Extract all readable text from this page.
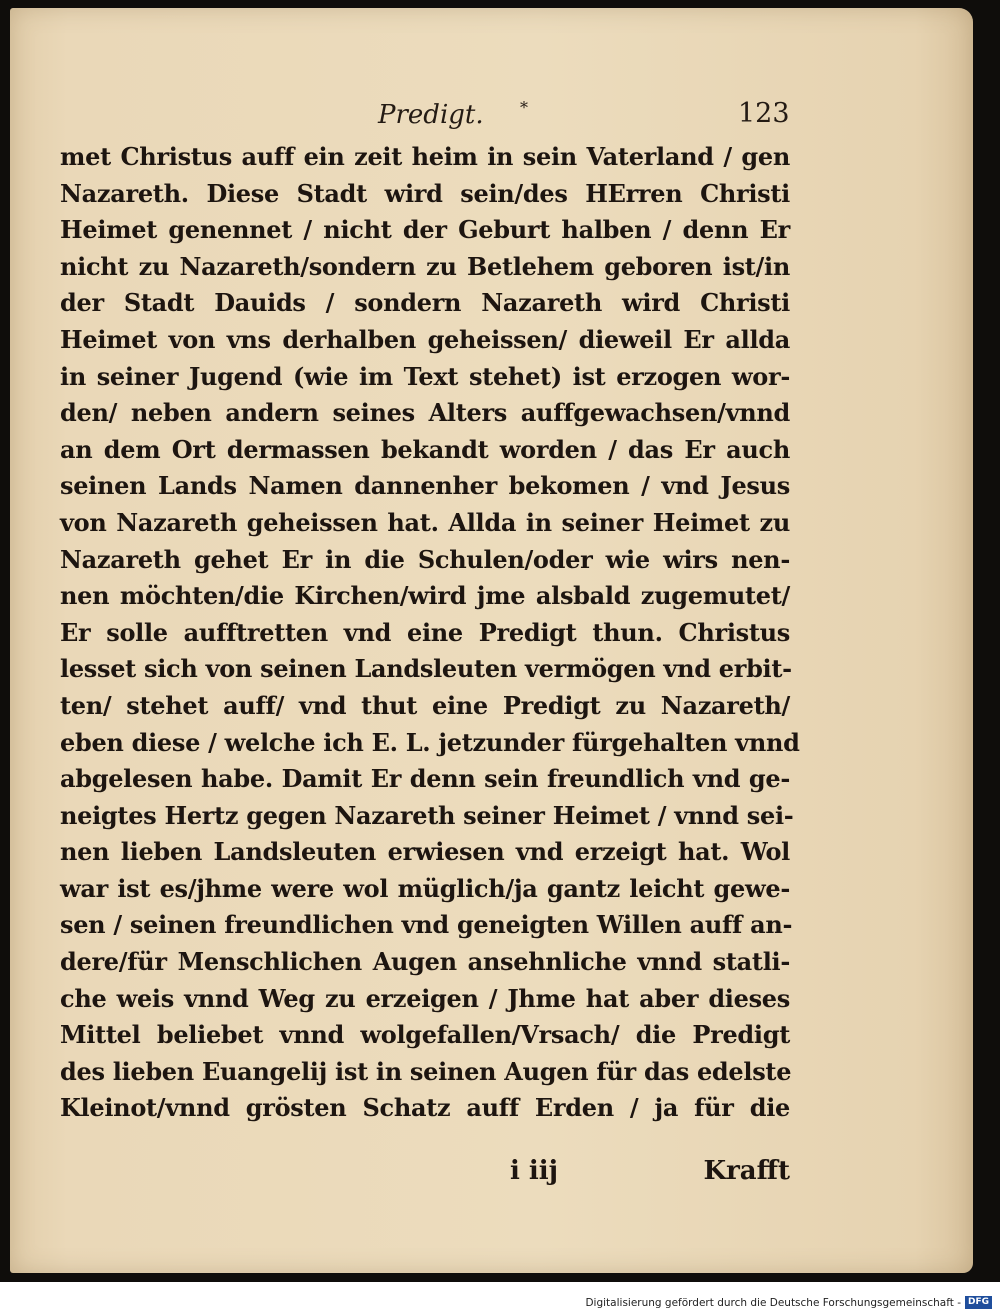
Predigt. *	123
met Christus auff ein zeit heim in sein Vaterland / gen
Nazareth. Diese Stadt wird sein/des HErren Christi
Heimet genennet / nicht der Geburt halben / denn Er
nicht zu Nazareth/sondern zu Betlehem geboren ist/in
der Stadt Dauids / sondern Nazareth wird Christi
Heimet von vns derhalben geheissen/ dieweil Er allda
in seiner Jugend (wie im Text stehet) ist erzogen wor-
den/ neben andern seines Alters auffgewachsen/vnnd
an dem Ort dermassen bekandt worden / das Er auch
seinen Lands Namen dannenher bekomen / vnd Jesus
von Nazareth geheissen hat. Allda in seiner Heimet zu
Nazareth gehet Er in die Schulen/oder wie wirs nen-
nen möchten/die Kirchen/wird jme alsbald zugemutet/
Er solle aufftretten vnd eine Predigt thun. Christus
lesset sich von seinen Landsleuten vermögen vnd erbit-
ten/ stehet auff/ vnd thut eine Predigt zu Nazareth/
eben diese / welche ich E. L. jetzunder fürgehalten vnnd
abgelesen habe. Damit Er denn sein freundlich vnd ge-
neigtes Hertz gegen Nazareth seiner Heimet / vnnd sei-
nen lieben Landsleuten erwiesen vnd erzeigt hat. Wol
war ist es/jhme were wol müglich/ja gantz leicht gewe-
sen / seinen freundlichen vnd geneigten Willen auff an-
dere/für Menschlichen Augen ansehnliche vnnd statli-
che weis vnnd Weg zu erzeigen / Jhme hat aber dieses
Mittel beliebet vnnd wolgefallen/Vrsach/ die Predigt
des lieben Euangelij ist in seinen Augen für das edelste
Kleinot/vnnd grösten Schatz auff Erden / ja für die
i iij	Krafft
Digitalisierung gefördert durch die Deutsche Forschungsgemeinschaft - DFG
